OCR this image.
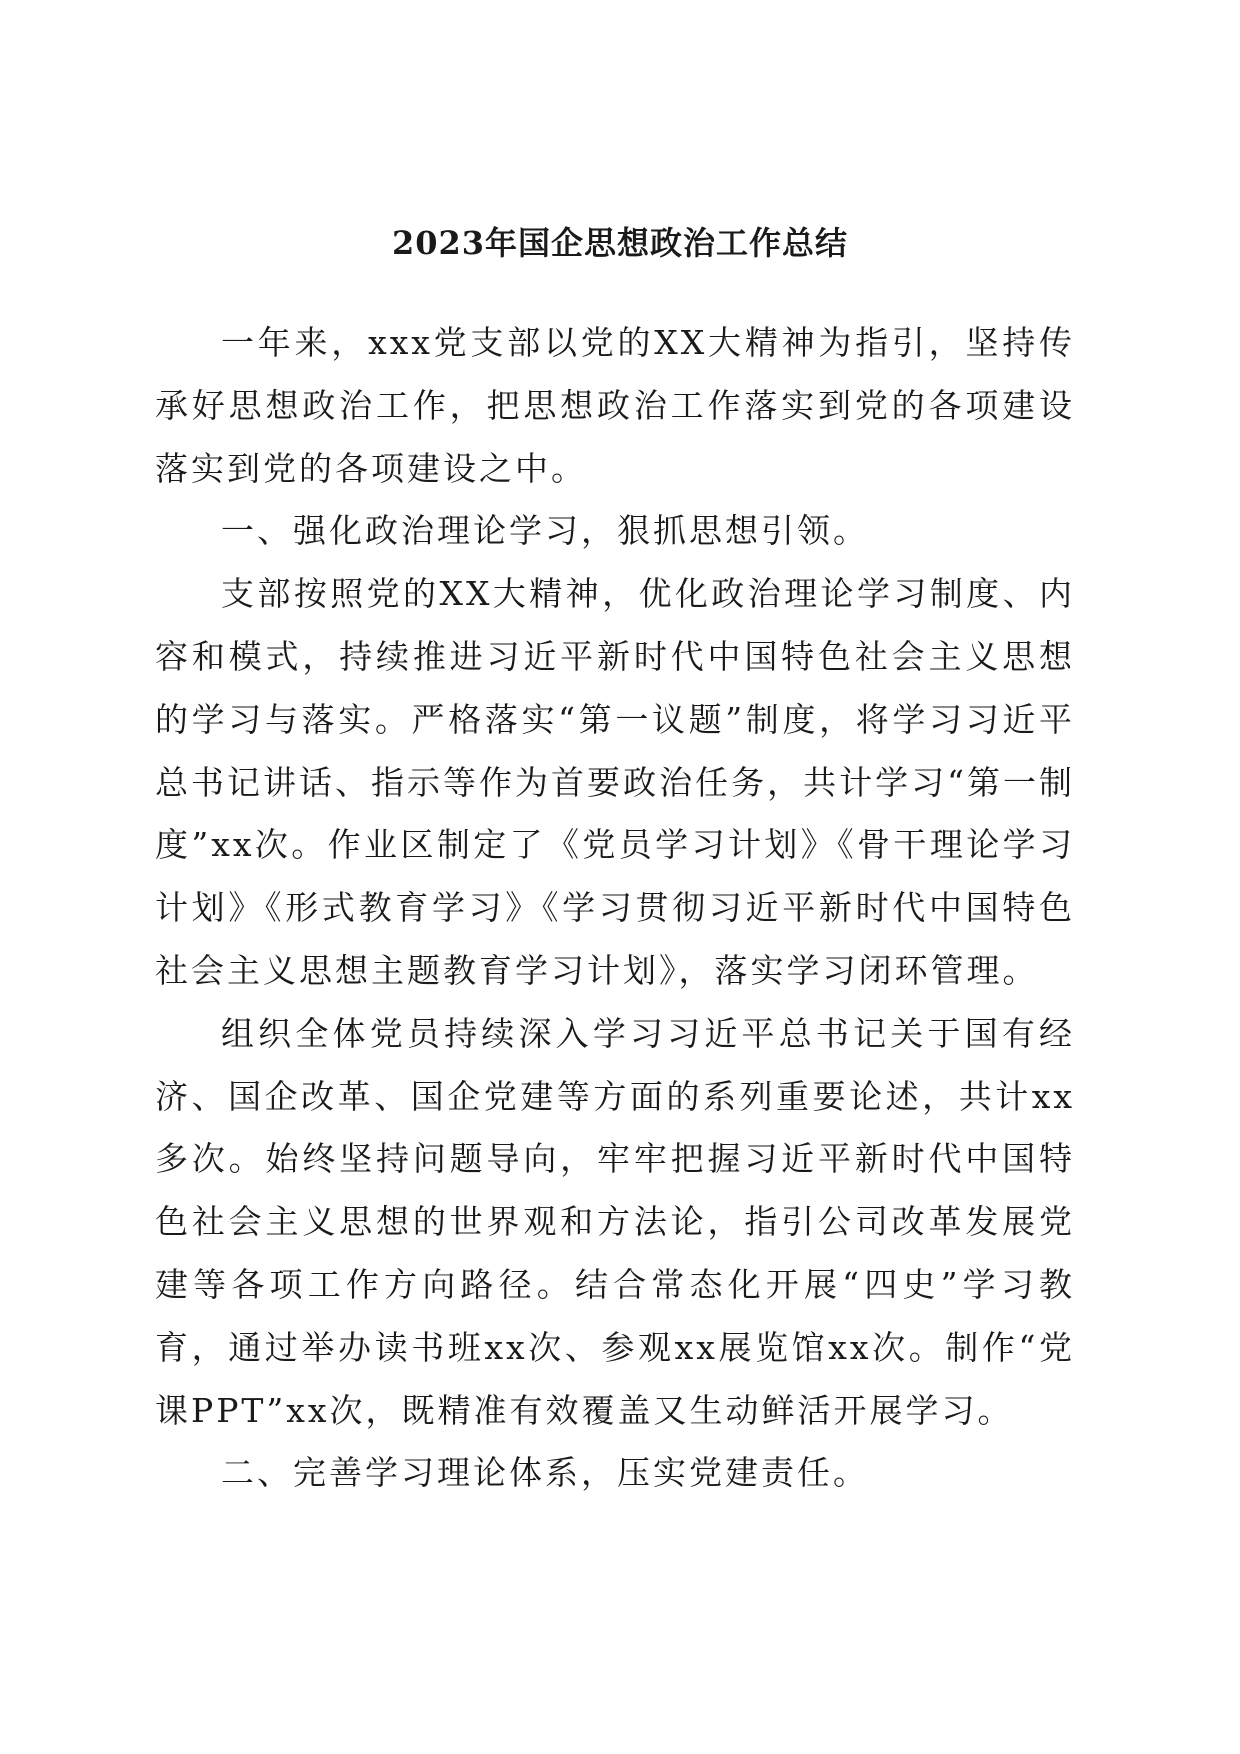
2023年国企思想政治工作总结

一年来，xxx党支部以党的XX大精神为指引，坚持传承好思想政治工作，把思想政治工作落实到党的各项建设落实到党的各项建设之中。

一、强化政治理论学习，狠抓思想引领。

支部按照党的XX大精神，优化政治理论学习制度、内容和模式，持续推进习近平新时代中国特色社会主义思想的学习与落实。严格落实“第一议题”制度，将学习习近平总书记讲话、指示等作为首要政治任务，共计学习“第一制度”xx次。作业区制定了《党员学习计划》《骨干理论学习计划》《形式教育学习》《学习贯彻习近平新时代中国特色社会主义思想主题教育学习计划》，落实学习闭环管理。

组织全体党员持续深入学习习近平总书记关于国有经济、国企改革、国企党建等方面的系列重要论述，共计xx多次。始终坚持问题导向，牢牢把握习近平新时代中国特色社会主义思想的世界观和方法论，指引公司改革发展党建等各项工作方向路径。结合常态化开展“四史”学习教育，通过举办读书班xx次、参观xx展览馆xx次。制作“党课PPT”xx次，既精准有效覆盖又生动鲜活开展学习。

二、完善学习理论体系，压实党建责任。
